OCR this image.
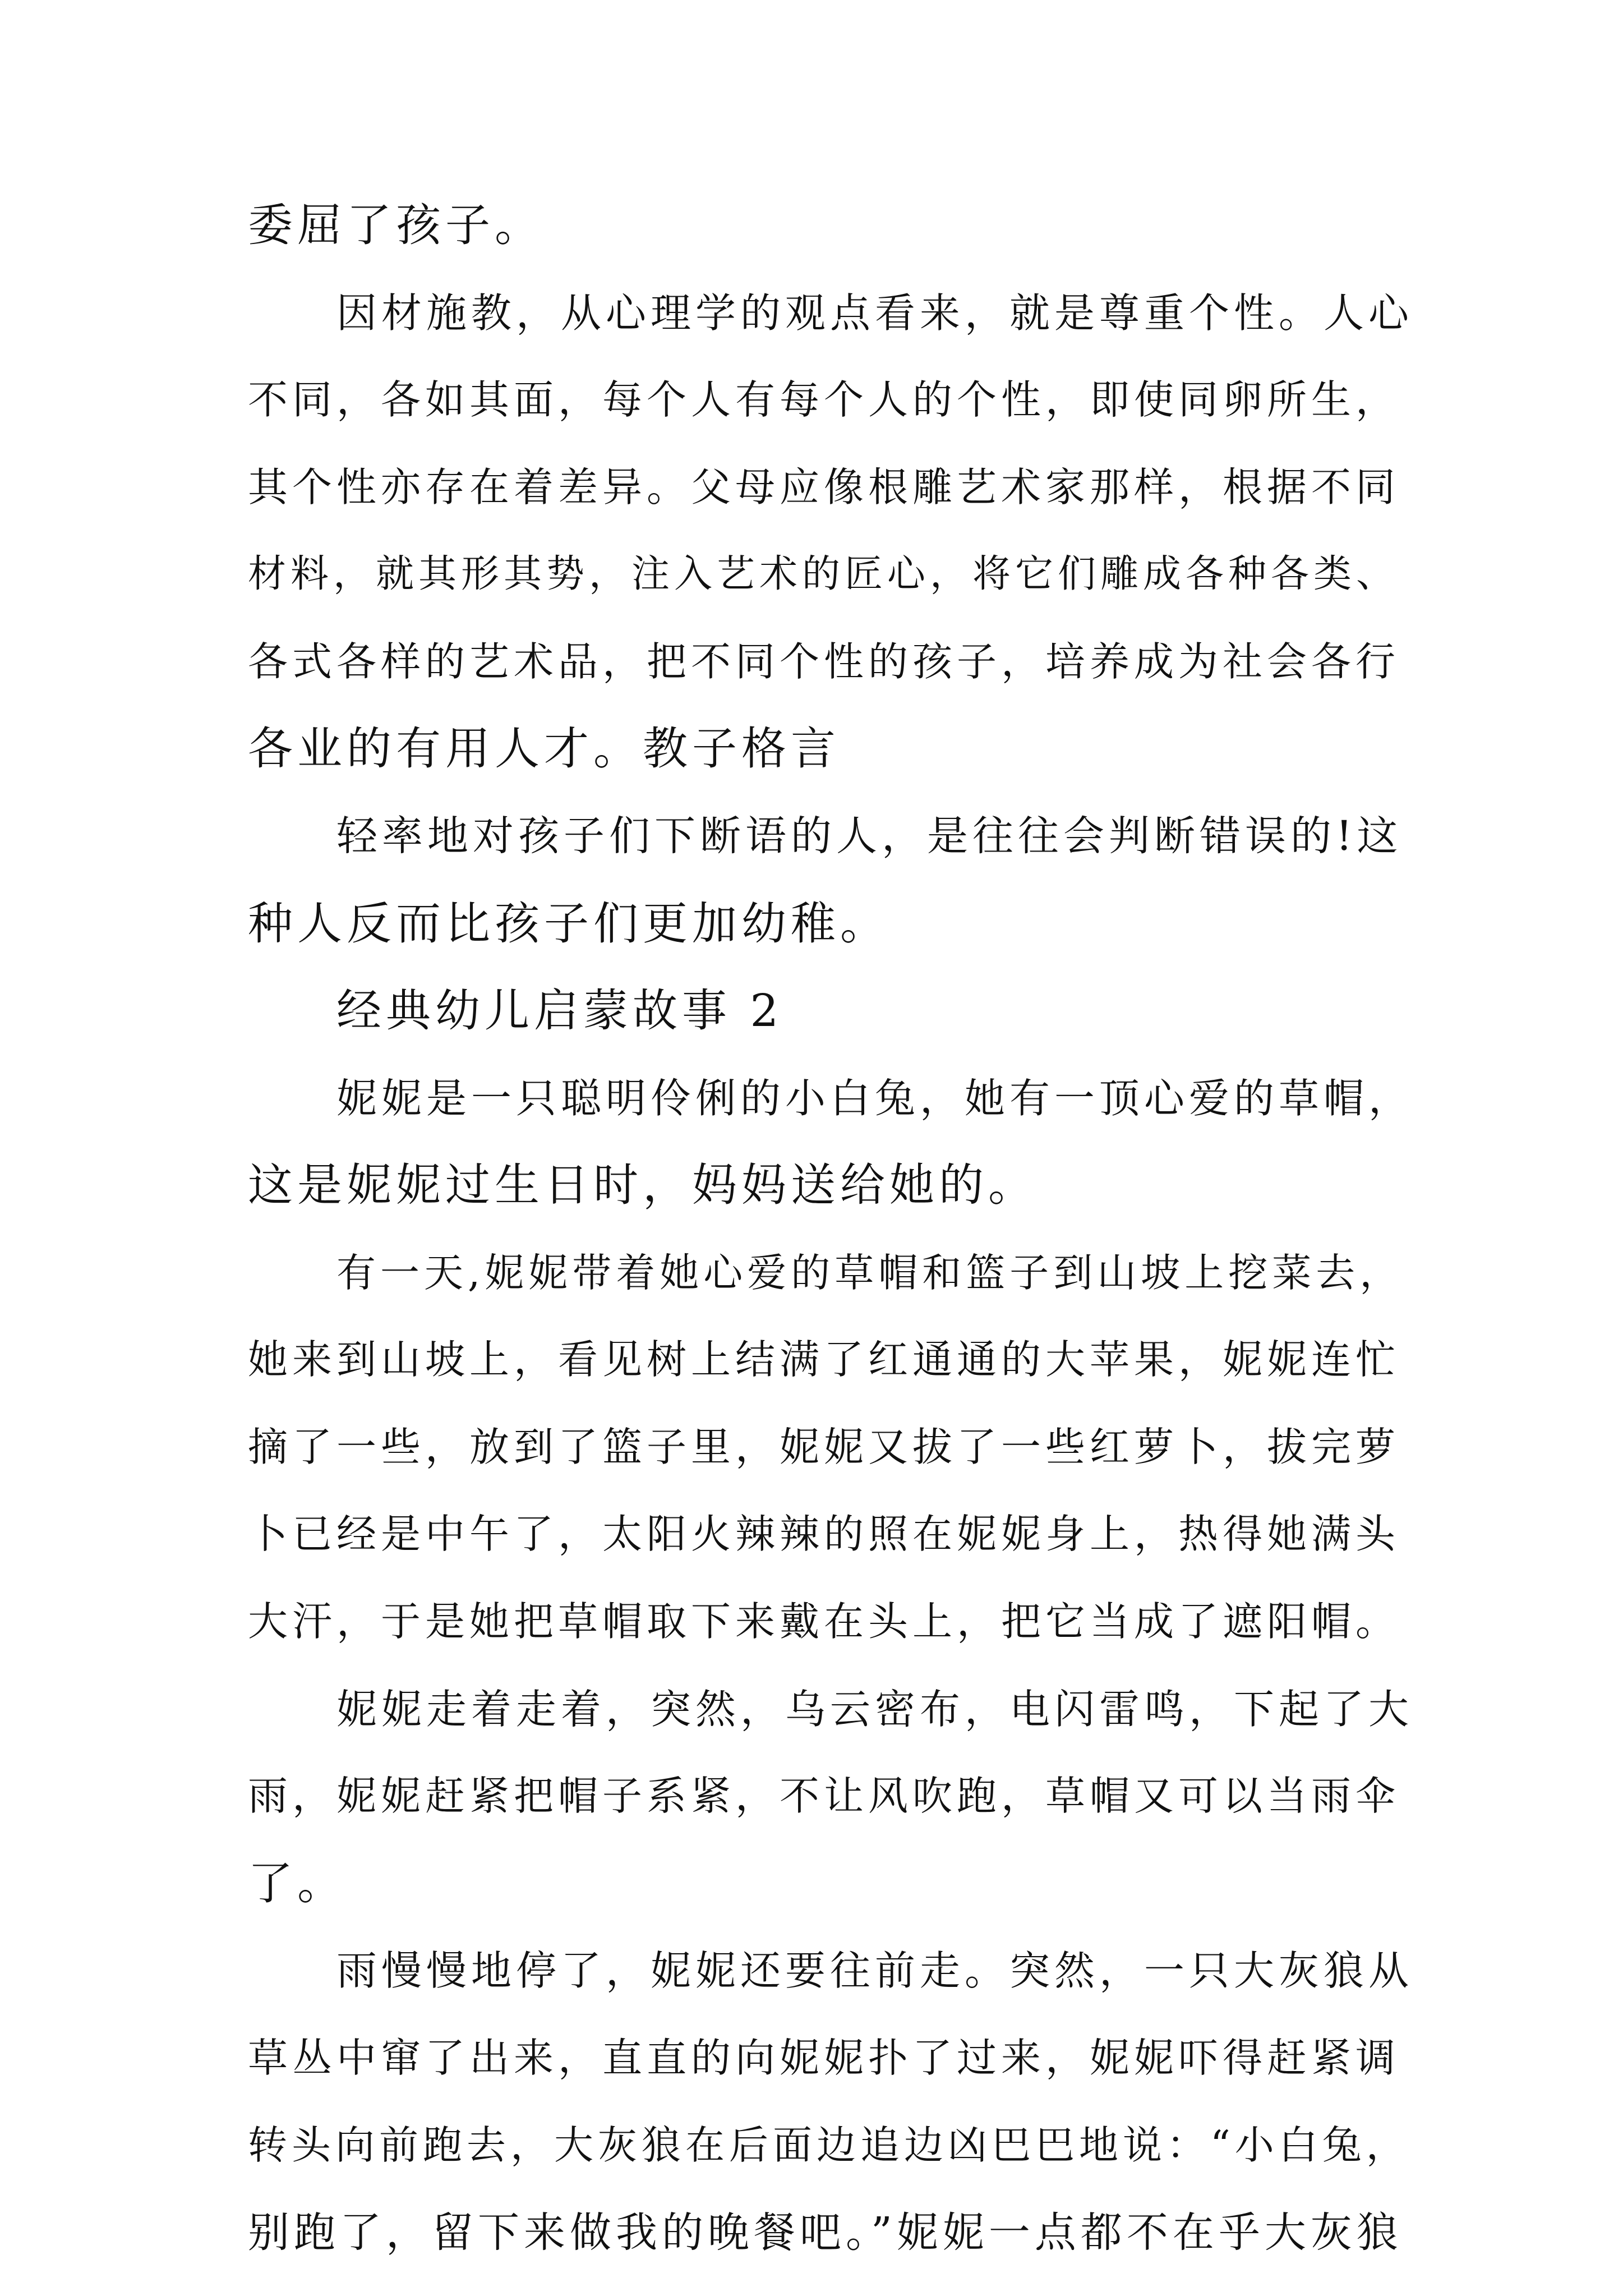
委屈了孩子。
因材施教，从心理学的观点看来，就是尊重个性。人心
不同，各如其面，每个人有每个人的个性，即使同卵所生，
其个性亦存在着差异。父母应像根雕艺术家那样，根据不同
材料，就其形其势，注入艺术的匠心，将它们雕成各种各类、
各式各样的艺术品，把不同个性的孩子，培养成为社会各行
各业的有用人才。教子格言
轻率地对孩子们下断语的人，是往往会判断错误的!这
种人反而比孩子们更加幼稚。
经典幼儿启蒙故事 2
妮妮是一只聪明伶俐的小白兔，她有一顶心爱的草帽，
这是妮妮过生日时，妈妈送给她的。
有一天,妮妮带着她心爱的草帽和篮子到山坡上挖菜去，
她来到山坡上，看见树上结满了红通通的大苹果，妮妮连忙
摘了一些，放到了篮子里，妮妮又拔了一些红萝卜，拔完萝
卜已经是中午了，太阳火辣辣的照在妮妮身上，热得她满头
大汗，于是她把草帽取下来戴在头上，把它当成了遮阳帽。
妮妮走着走着，突然，乌云密布，电闪雷鸣，下起了大
雨，妮妮赶紧把帽子系紧，不让风吹跑，草帽又可以当雨伞
了。
雨慢慢地停了，妮妮还要往前走。突然，一只大灰狼从
草丛中窜了出来，直直的向妮妮扑了过来，妮妮吓得赶紧调
转头向前跑去，大灰狼在后面边追边凶巴巴地说：“小白兔，
别跑了，留下来做我的晚餐吧。”妮妮一点都不在乎大灰狼
